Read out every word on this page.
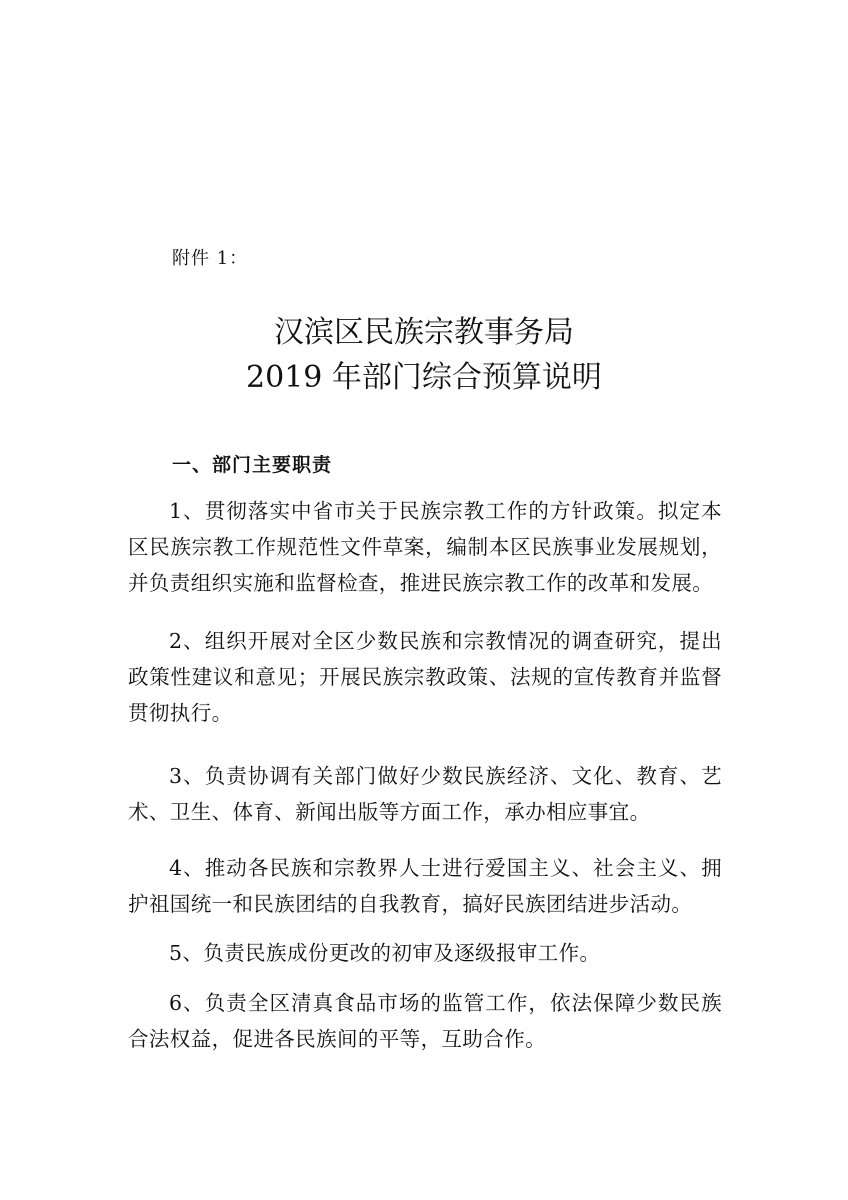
附件 1：
汉滨区民族宗教事务局
2019 年部门综合预算说明
一、部门主要职责

1、贯彻落实中省市关于民族宗教工作的方针政策。拟定本区民族宗教工作规范性文件草案，编制本区民族事业发展规划，并负责组织实施和监督检查，推进民族宗教工作的改革和发展。

2、组织开展对全区少数民族和宗教情况的调查研究，提出政策性建议和意见；开展民族宗教政策、法规的宣传教育并监督贯彻执行。

3、负责协调有关部门做好少数民族经济、文化、教育、艺术、卫生、体育、新闻出版等方面工作，承办相应事宜。

4、推动各民族和宗教界人士进行爱国主义、社会主义、拥护祖国统一和民族团结的自我教育，搞好民族团结进步活动。

5、负责民族成份更改的初审及逐级报审工作。

6、负责全区清真食品市场的监管工作，依法保障少数民族合法权益，促进各民族间的平等，互助合作。
